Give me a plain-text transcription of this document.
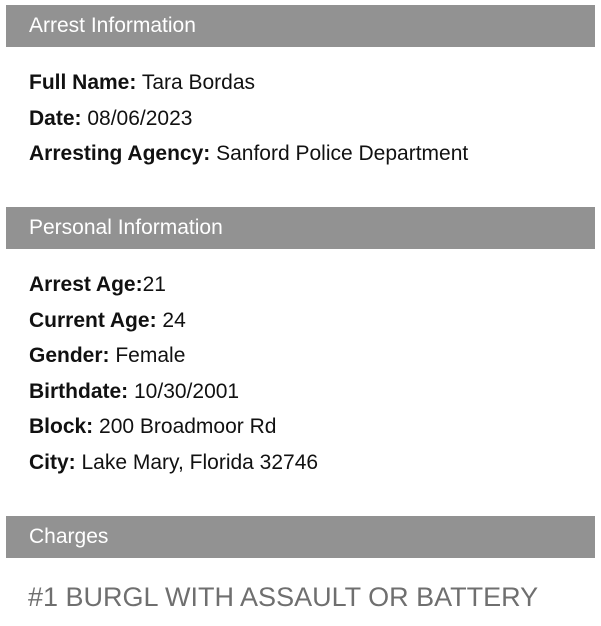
Arrest Information
Full Name: Tara Bordas
Date: 08/06/2023
Arresting Agency: Sanford Police Department
Personal Information
Arrest Age:21
Current Age: 24
Gender: Female
Birthdate: 10/30/2001
Block: 200 Broadmoor Rd
City: Lake Mary, Florida 32746
Charges
#1 BURGL WITH ASSAULT OR BATTERY
